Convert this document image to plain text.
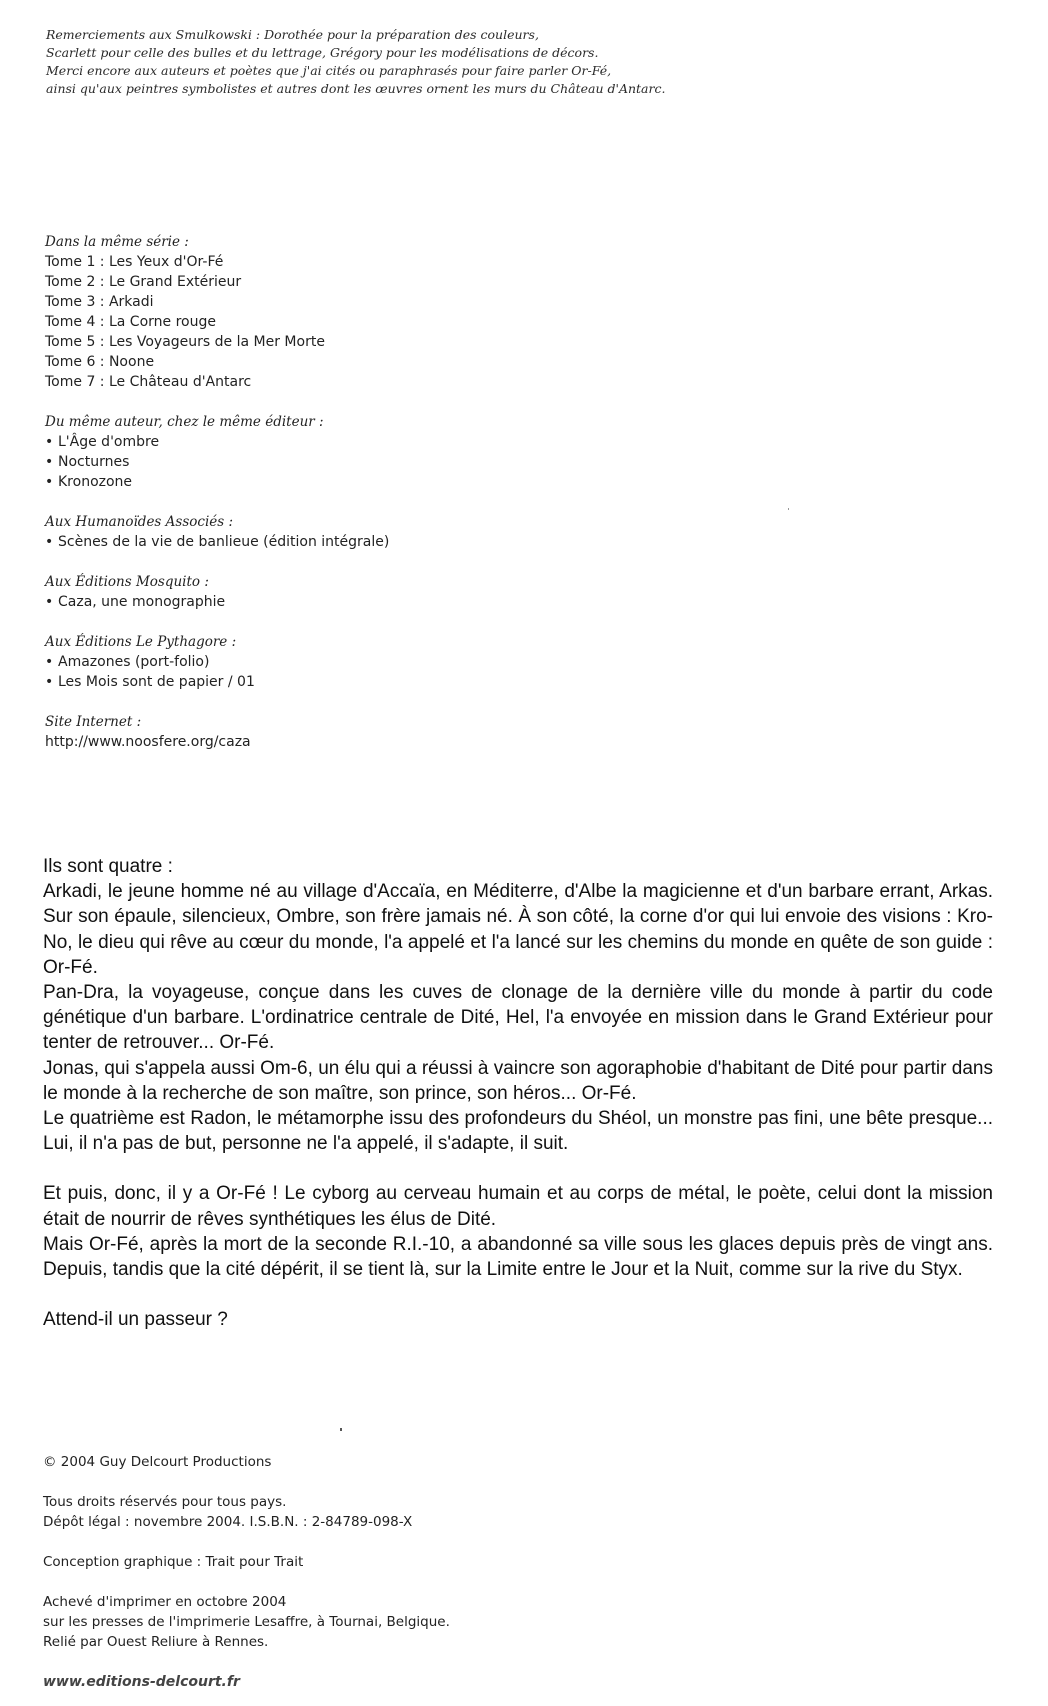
Remerciements aux Smulkowski : Dorothée pour la préparation des couleurs,
Scarlett pour celle des bulles et du lettrage, Grégory pour les modélisations de décors.
Merci encore aux auteurs et poètes que j'ai cités ou paraphrasés pour faire parler Or-Fé,
ainsi qu'aux peintres symbolistes et autres dont les œuvres ornent les murs du Château d'Antarc.
Dans la même série :
Tome 1 : Les Yeux d'Or-Fé
Tome 2 : Le Grand Extérieur
Tome 3 : Arkadi
Tome 4 : La Corne rouge
Tome 5 : Les Voyageurs de la Mer Morte
Tome 6 : Noone
Tome 7 : Le Château d'Antarc
Du même auteur, chez le même éditeur :
• L'Âge d'ombre
• Nocturnes
• Kronozone
Aux Humanoïdes Associés :
• Scènes de la vie de banlieue (édition intégrale)
Aux Éditions Mosquito :
• Caza, une monographie
Aux Éditions Le Pythagore :
• Amazones (port-folio)
• Les Mois sont de papier / 01
Site Internet :
http://www.noosfere.org/caza

Ils sont quatre :

Arkadi, le jeune homme né au village d'Accaïa, en Méditerre, d'Albe la magicienne et d'un barbare errant, Arkas. Sur son épaule, silencieux, Ombre, son frère jamais né. À son côté, la corne d'or qui lui envoie des visions : Kro-No, le dieu qui rêve au cœur du monde, l'a appelé et l'a lancé sur les chemins du monde en quête de son guide : Or-Fé.

Pan-Dra, la voyageuse, conçue dans les cuves de clonage de la dernière ville du monde à partir du code génétique d'un barbare. L'ordinatrice centrale de Dité, Hel, l'a envoyée en mission dans le Grand Extérieur pour tenter de retrouver... Or-Fé.

Jonas, qui s'appela aussi Om-6, un élu qui a réussi à vaincre son agoraphobie d'habitant de Dité pour partir dans le monde à la recherche de son maître, son prince, son héros... Or-Fé.

Le quatrième est Radon, le métamorphe issu des profondeurs du Shéol, un monstre pas fini, une bête presque... Lui, il n'a pas de but, personne ne l'a appelé, il s'adapte, il suit.

Et puis, donc, il y a Or-Fé ! Le cyborg au cerveau humain et au corps de métal, le poète, celui dont la mission était de nourrir de rêves synthétiques les élus de Dité.

Mais Or-Fé, après la mort de la seconde R.I.-10, a abandonné sa ville sous les glaces depuis près de vingt ans. Depuis, tandis que la cité dépérit, il se tient là, sur la Limite entre le Jour et la Nuit, comme sur la rive du Styx.

Attend-il un passeur ?

© 2004 Guy Delcourt Productions
Tous droits réservés pour tous pays.
Dépôt légal : novembre 2004. I.S.B.N. : 2-84789-098-X
Conception graphique : Trait pour Trait
Achevé d'imprimer en octobre 2004
sur les presses de l'imprimerie Lesaffre, à Tournai, Belgique.
Relié par Ouest Reliure à Rennes.
www.editions-delcourt.fr
